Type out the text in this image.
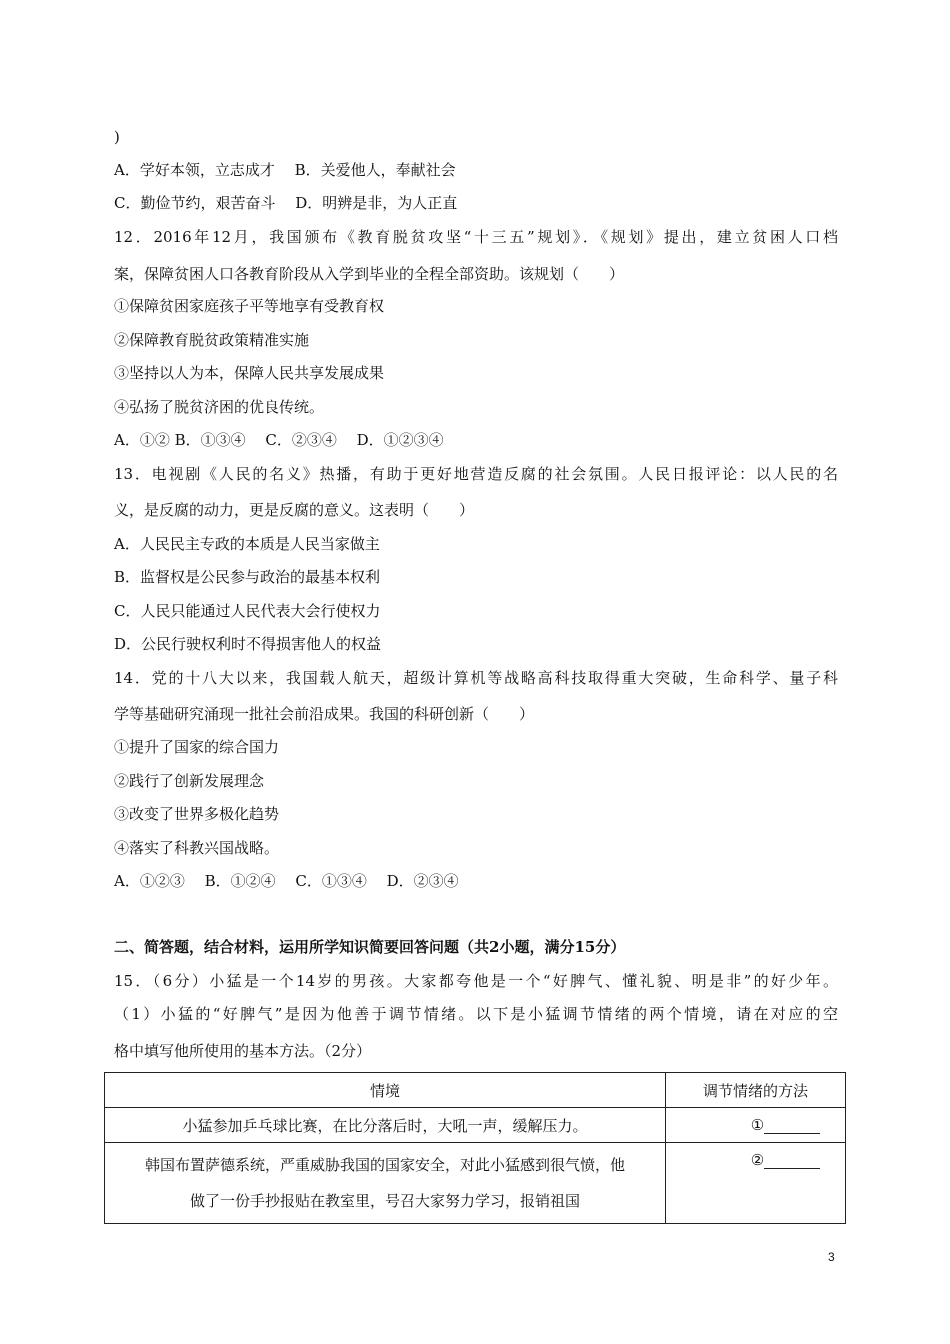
)
A．学好本领，立志成才　 B．关爱他人，奉献社会
C．勤俭节约，艰苦奋斗　 D．明辨是非，为人正直
12．2016年12月，我国颁布《教育脱贫攻坚“十三五”规划》．《规划》提出，建立贫困人口档
案，保障贫困人口各教育阶段从入学到毕业的全程全部资助。该规划（　　）
①保障贫困家庭孩子平等地享有受教育权
②保障教育脱贫政策精准实施
③坚持以人为本，保障人民共享发展成果
④弘扬了脱贫济困的优良传统。
A．①② B．①③④　 C．②③④　 D．①②③④
13．电视剧《人民的名义》热播，有助于更好地营造反腐的社会氛围。人民日报评论：以人民的名
义，是反腐的动力，更是反腐的意义。这表明（　　）
A．人民民主专政的本质是人民当家做主
B．监督权是公民参与政治的最基本权利
C．人民只能通过人民代表大会行使权力
D．公民行驶权利时不得损害他人的权益
14．党的十八大以来，我国载人航天，超级计算机等战略高科技取得重大突破，生命科学、量子科
学等基础研究涌现一批社会前沿成果。我国的科研创新（　　）
①提升了国家的综合国力
②践行了创新发展理念
③改变了世界多极化趋势
④落实了科教兴国战略。
A．①②③　 B．①②④　 C．①③④　 D．②③④
二、简答题，结合材料，运用所学知识简要回答问题（共2小题，满分15分）
15．（6分）小猛是一个14岁的男孩。大家都夸他是一个“好脾气、懂礼貌、明是非”的好少年。
（1）小猛的“好脾气”是因为他善于调节情绪。以下是小猛调节情绪的两个情境，请在对应的空
格中填写他所使用的基本方法。（2分）
情境	调节情绪的方法
小猛参加乒乓球比赛，在比分落后时，大吼一声，缓解压力。	①

韩国布置萨德系统，严重威胁我国的国家安全，对此小猛感到很气愤，他
做了一份手抄报贴在教室里，号召大家努力学习，报销祖国	②
3
